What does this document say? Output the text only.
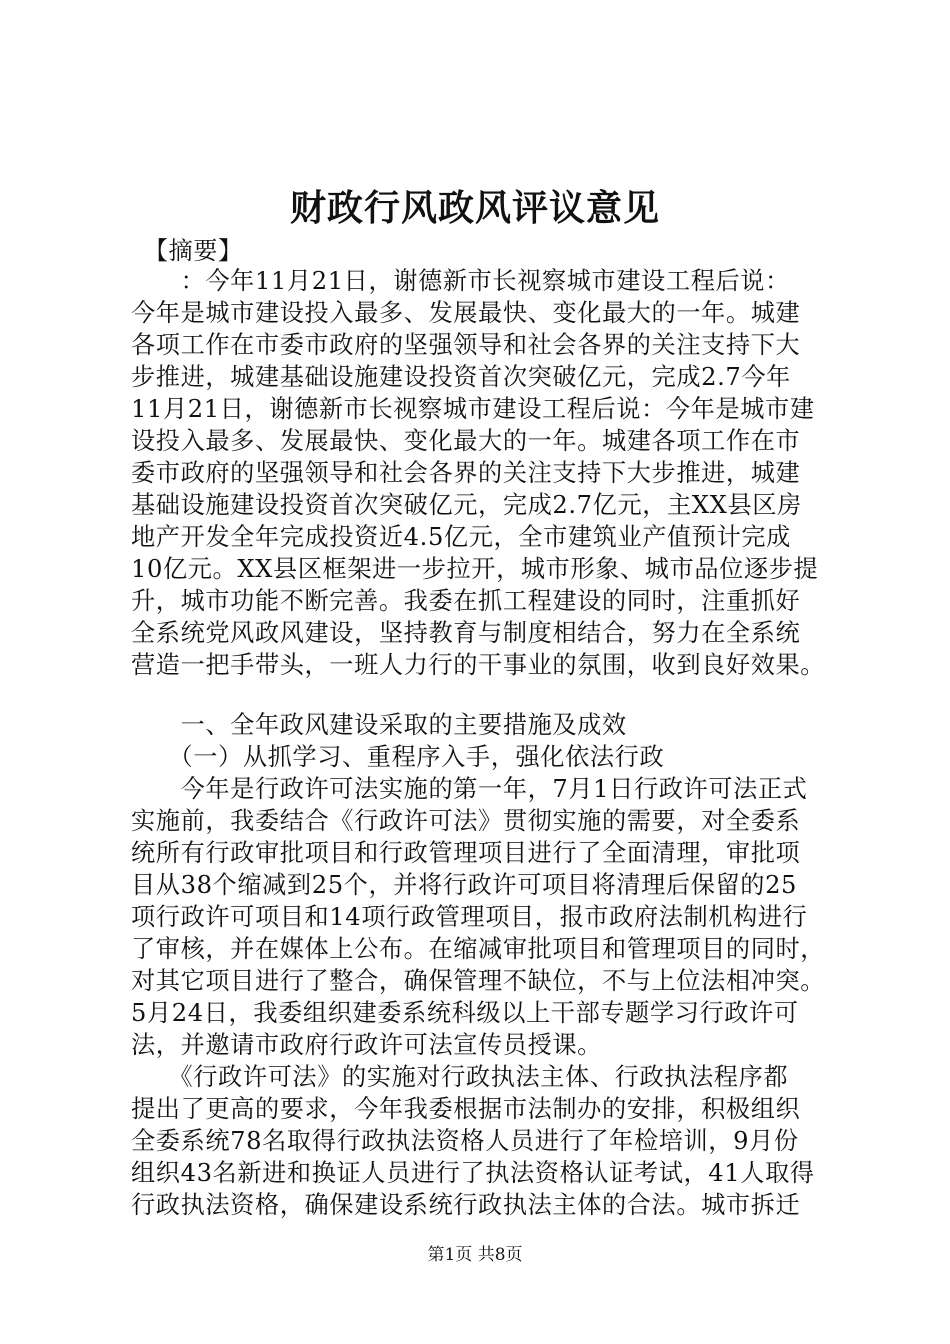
财政行风政风评议意见
　【摘要】
　　：今年11月21日，谢德新市长视察城市建设工程后说：
今年是城市建设投入最多、发展最快、变化最大的一年。城建
各项工作在市委市政府的坚强领导和社会各界的关注支持下大
步推进，城建基础设施建设投资首次突破亿元，完成2.7今年
11月21日，谢德新市长视察城市建设工程后说：今年是城市建
设投入最多、发展最快、变化最大的一年。城建各项工作在市
委市政府的坚强领导和社会各界的关注支持下大步推进，城建
基础设施建设投资首次突破亿元，完成2.7亿元，主XX县区房
地产开发全年完成投资近4.5亿元，全市建筑业产值预计完成
10亿元。XX县区框架进一步拉开，城市形象、城市品位逐步提
升，城市功能不断完善。我委在抓工程建设的同时，注重抓好
全系统党风政风建设，坚持教育与制度相结合，努力在全系统
营造一把手带头，一班人力行的干事业的氛围，收到良好效果。
　　一、全年政风建设采取的主要措施及成效
　　（一）从抓学习、重程序入手，强化依法行政
　　今年是行政许可法实施的第一年，7月1日行政许可法正式
实施前，我委结合《行政许可法》贯彻实施的需要，对全委系
统所有行政审批项目和行政管理项目进行了全面清理，审批项
目从38个缩减到25个，并将行政许可项目将清理后保留的25
项行政许可项目和14项行政管理项目，报市政府法制机构进行
了审核，并在媒体上公布。在缩减审批项目和管理项目的同时，
对其它项目进行了整合，确保管理不缺位，不与上位法相冲突。
5月24日，我委组织建委系统科级以上干部专题学习行政许可
法，并邀请市政府行政许可法宣传员授课。
　　《行政许可法》的实施对行政执法主体、行政执法程序都
提出了更高的要求，今年我委根据市法制办的安排，积极组织
全委系统78名取得行政执法资格人员进行了年检培训，9月份
组织43名新进和换证人员进行了执法资格认证考试，41人取得
行政执法资格，确保建设系统行政执法主体的合法。城市拆迁
第1页 共8页
